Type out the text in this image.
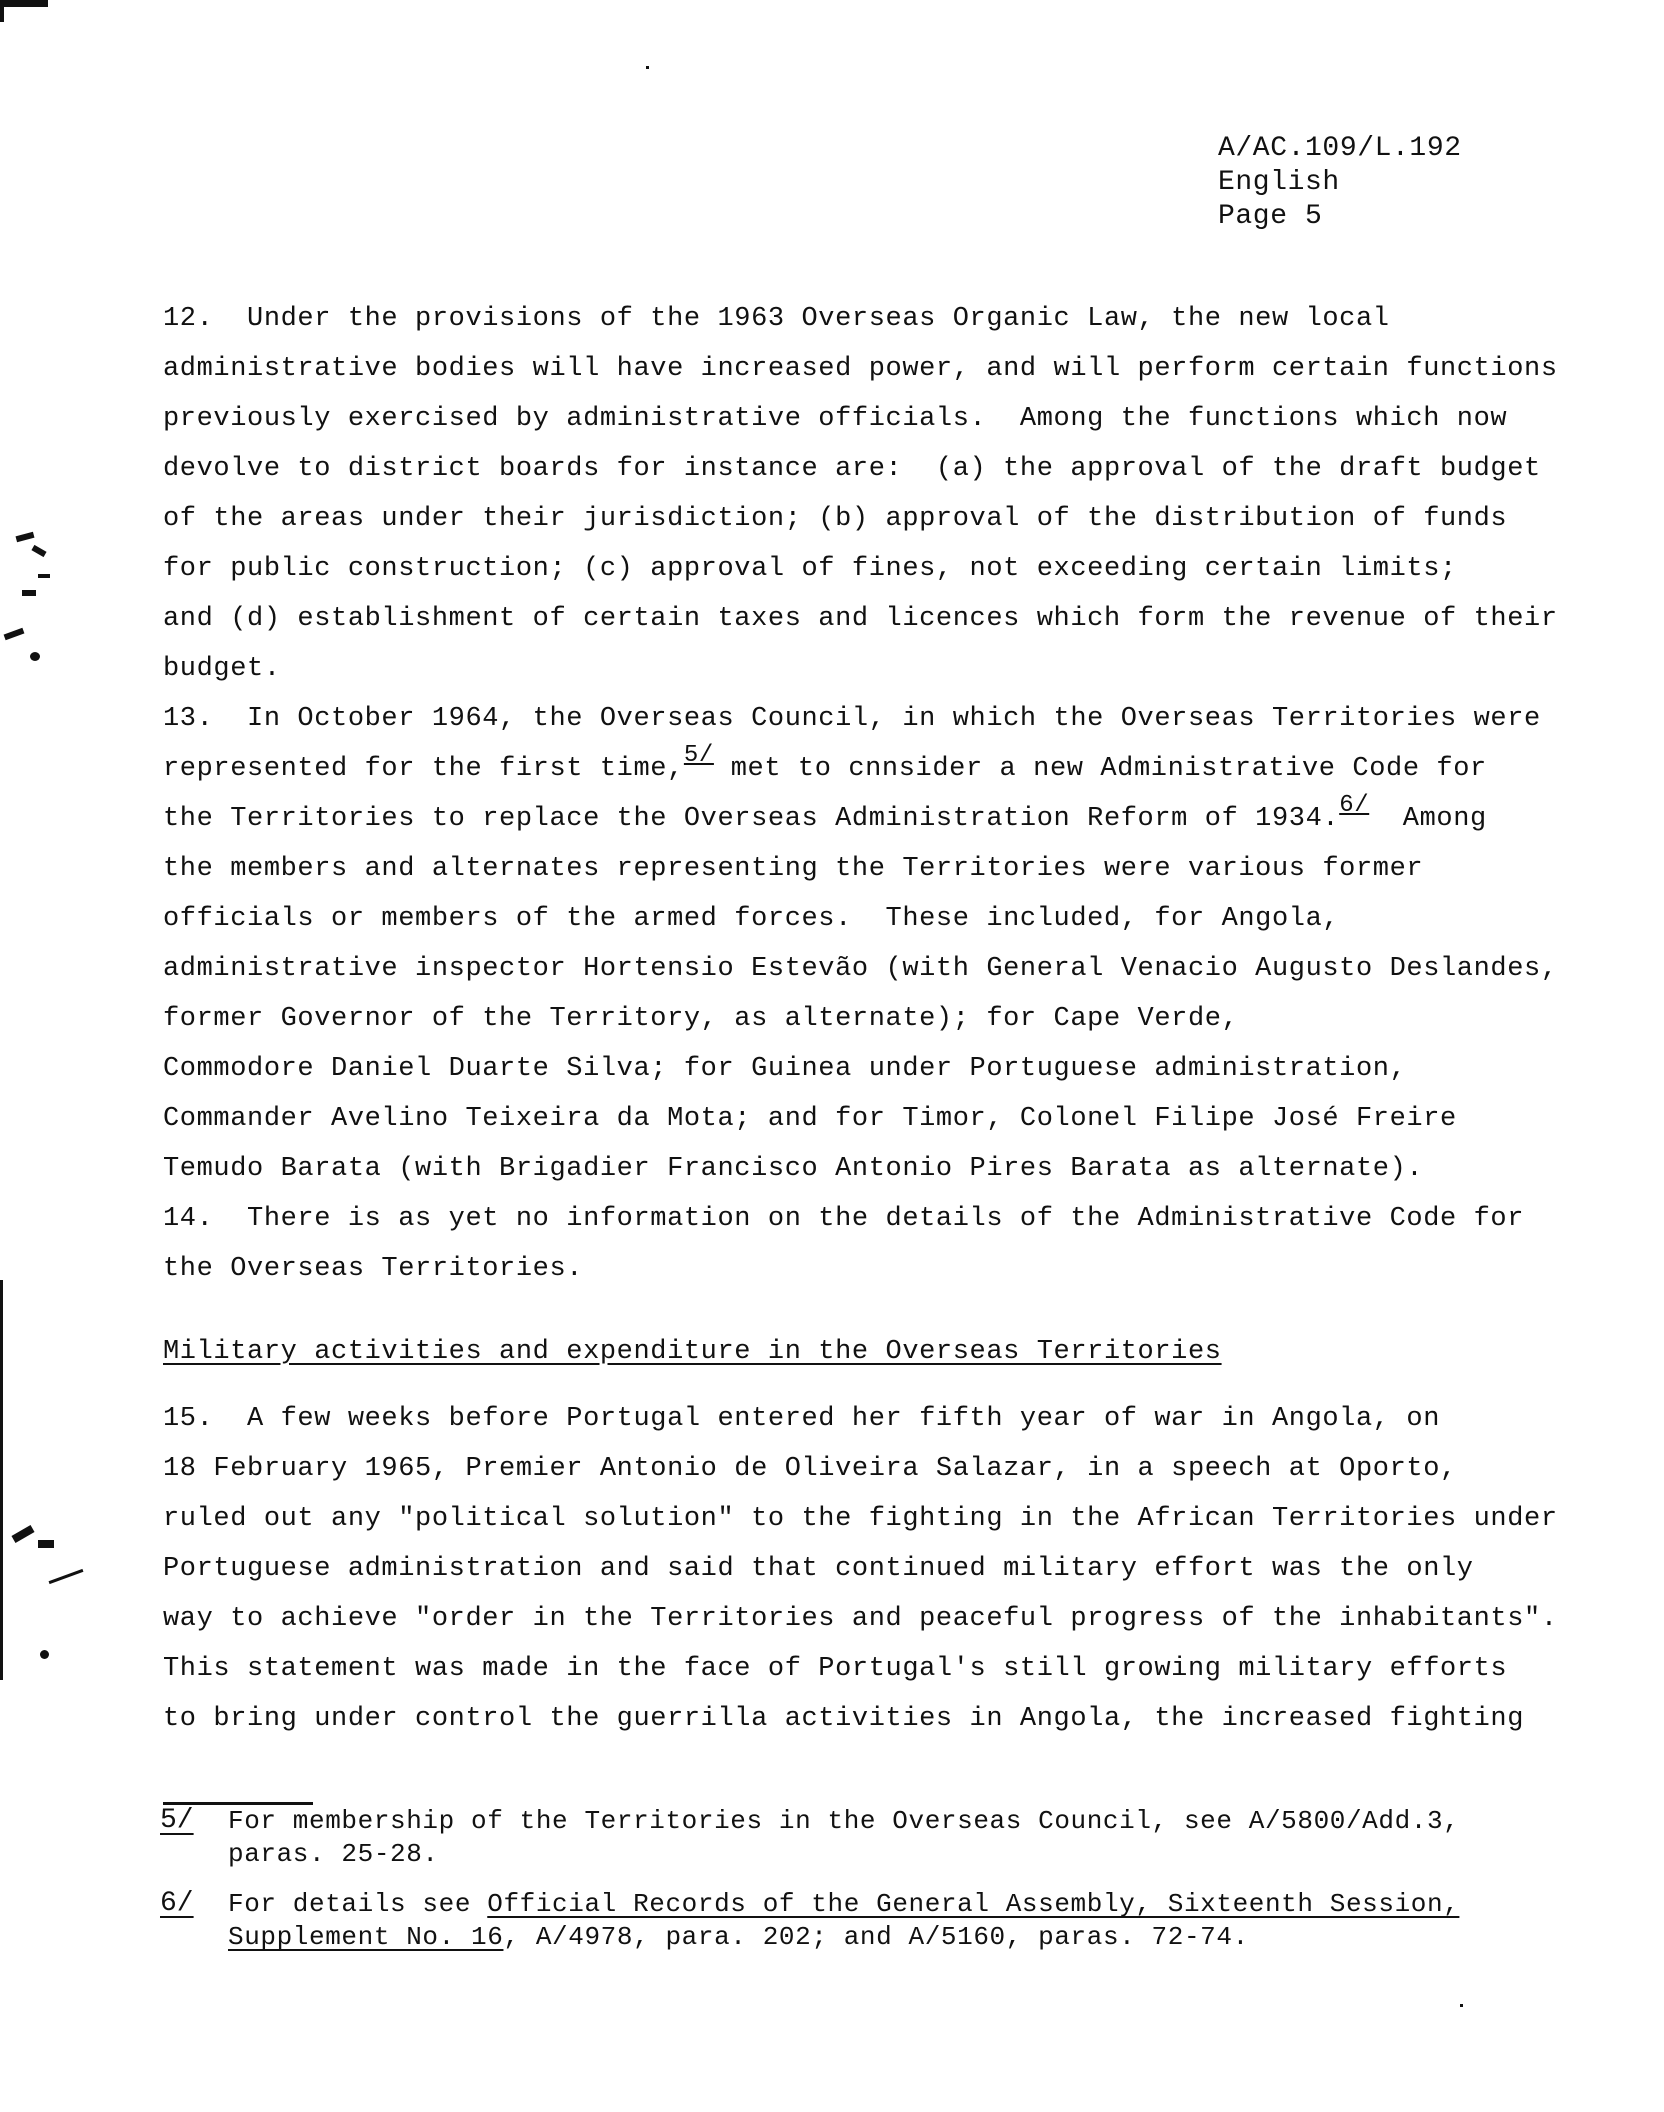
A/AC.109/L.192
English
Page 5
12.  Under the provisions of the 1963 Overseas Organic Law, the new local
administrative bodies will have increased power, and will perform certain functions
previously exercised by administrative officials.  Among the functions which now
devolve to district boards for instance are:  (a) the approval of the draft budget
of the areas under their jurisdiction; (b) approval of the distribution of funds
for public construction; (c) approval of fines, not exceeding certain limits;
and (d) establishment of certain taxes and licences which form the revenue of their
budget.
13.  In October 1964, the Overseas Council, in which the Overseas Territories were
represented for the first time,5/ met to cnnsider a new Administrative Code for
the Territories to replace the Overseas Administration Reform of 1934.6/  Among
the members and alternates representing the Territories were various former
officials or members of the armed forces.  These included, for Angola,
administrative inspector Hortensio Estevão (with General Venacio Augusto Deslandes,
former Governor of the Territory, as alternate); for Cape Verde,
Commodore Daniel Duarte Silva; for Guinea under Portuguese administration,
Commander Avelino Teixeira da Mota; and for Timor, Colonel Filipe José Freire
Temudo Barata (with Brigadier Francisco Antonio Pires Barata as alternate).
14.  There is as yet no information on the details of the Administrative Code for
the Overseas Territories.
Military activities and expenditure in the Overseas Territories
15.  A few weeks before Portugal entered her fifth year of war in Angola, on
18 February 1965, Premier Antonio de Oliveira Salazar, in a speech at Oporto,
ruled out any "political solution" to the fighting in the African Territories under
Portuguese administration and said that continued military effort was the only
way to achieve "order in the Territories and peaceful progress of the inhabitants".
This statement was made in the face of Portugal's still growing military efforts
to bring under control the guerrilla activities in Angola, the increased fighting
5/ For membership of the Territories in the Overseas Council, see A/5800/Add.3,
paras. 25-28.
6/ For details see Official Records of the General Assembly, Sixteenth Session,
Supplement No. 16, A/4978, para. 202; and A/5160, paras. 72-74.
